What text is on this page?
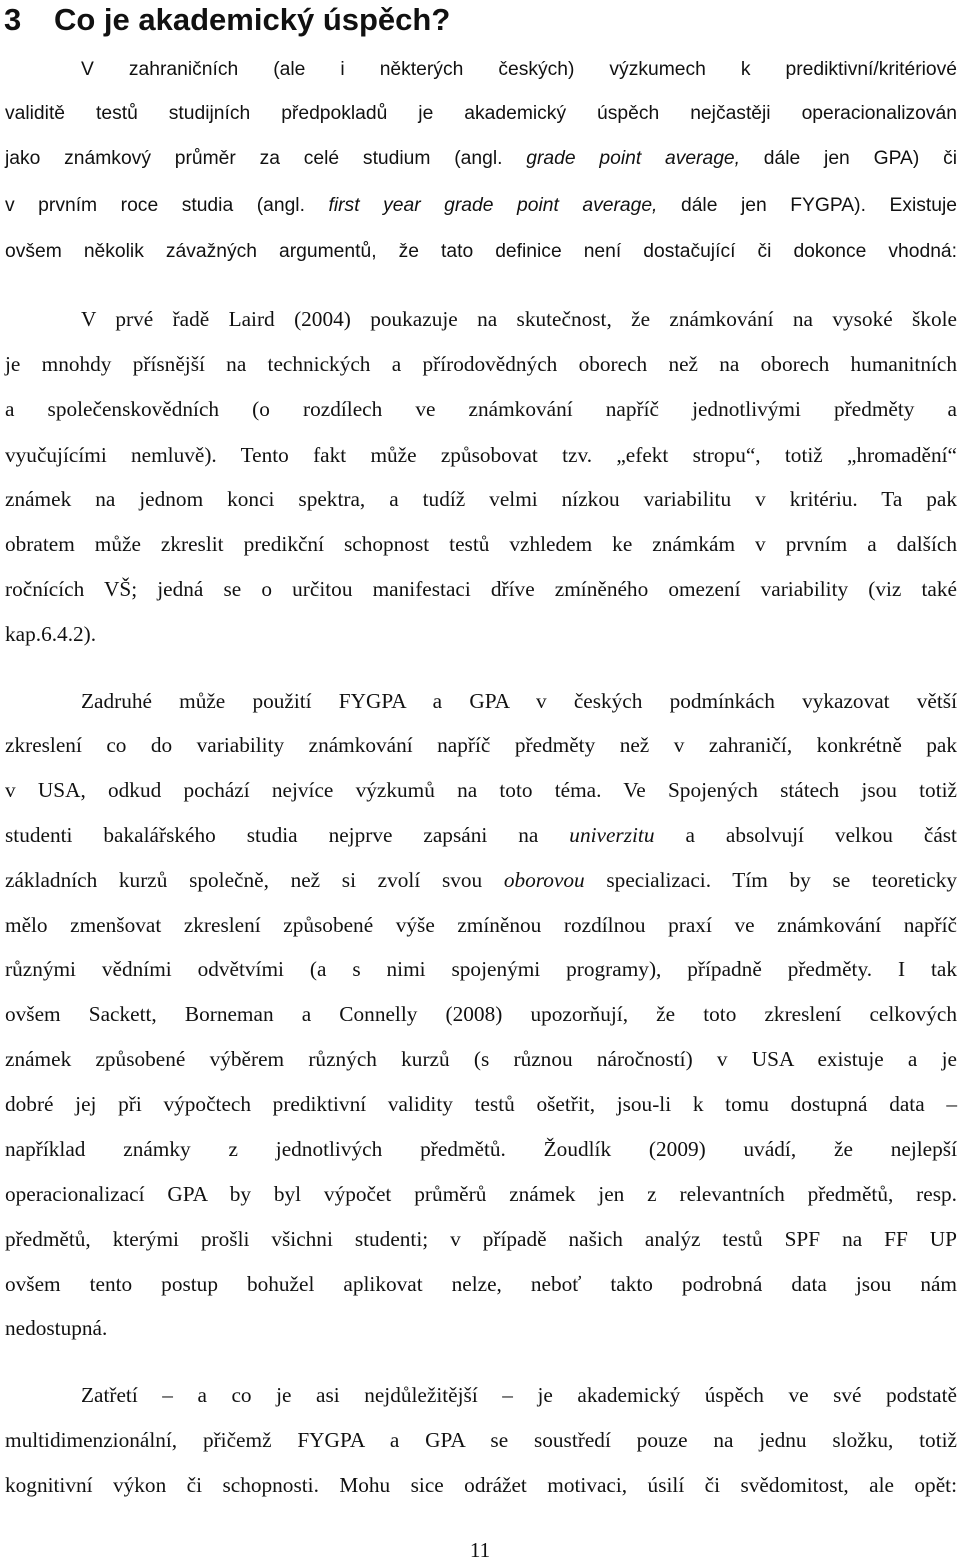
3 Co je akademický úspěch?

V zahraničních (ale i některých českých) výzkumech k prediktivní/kritériové

validitě testů studijních předpokladů je akademický úspěch nejčastěji operacionalizován

jako známkový průměr za celé studium (angl. grade point average, dále jen GPA) či

v prvním roce studia (angl. first year grade point average, dále jen FYGPA). Existuje

ovšem několik závažných argumentů, že tato definice není dostačující či dokonce vhodná:

V prvé řadě Laird (2004) poukazuje na skutečnost, že známkování na vysoké škole

je mnohdy přísnější na technických a přírodovědných oborech než na oborech humanitních

a společenskovědních (o rozdílech ve známkování napříč jednotlivými předměty a

vyučujícími nemluvě). Tento fakt může způsobovat tzv. „efekt stropu“, totiž „hromadění“

známek na jednom konci spektra, a tudíž velmi nízkou variabilitu v kritériu. Ta pak

obratem může zkreslit predikční schopnost testů vzhledem ke známkám v prvním a dalších

ročnících VŠ; jedná se o určitou manifestaci dříve zmíněného omezení variability (viz také

kap.6.4.2).

Zadruhé může použití FYGPA a GPA v českých podmínkách vykazovat větší

zkreslení co do variability známkování napříč předměty než v zahraničí, konkrétně pak

v USA, odkud pochází nejvíce výzkumů na toto téma. Ve Spojených státech jsou totiž

studenti bakalářského studia nejprve zapsáni na univerzitu a absolvují velkou část

základních kurzů společně, než si zvolí svou oborovou specializaci. Tím by se teoreticky

mělo zmenšovat zkreslení způsobené výše zmíněnou rozdílnou praxí ve známkování napříč

různými vědními odvětvími (a s nimi spojenými programy), případně předměty. I tak

ovšem Sackett, Borneman a Connelly (2008) upozorňují, že toto zkreslení celkových

známek způsobené výběrem různých kurzů (s různou náročností) v USA existuje a je

dobré jej při výpočtech prediktivní validity testů ošetřit, jsou-li k tomu dostupná data –

například známky z jednotlivých předmětů. Žoudlík (2009) uvádí, že nejlepší

operacionalizací GPA by byl výpočet průměrů známek jen z relevantních předmětů, resp.

předmětů, kterými prošli všichni studenti; v případě našich analýz testů SPF na FF UP

ovšem tento postup bohužel aplikovat nelze, neboť takto podrobná data jsou nám

nedostupná.

Zatřetí – a co je asi nejdůležitější – je akademický úspěch ve své podstatě

multidimenzionální, přičemž FYGPA a GPA se soustředí pouze na jednu složku, totiž

kognitivní výkon či schopnosti. Mohu sice odrážet motivaci, úsilí či svědomitost, ale opět:

11
